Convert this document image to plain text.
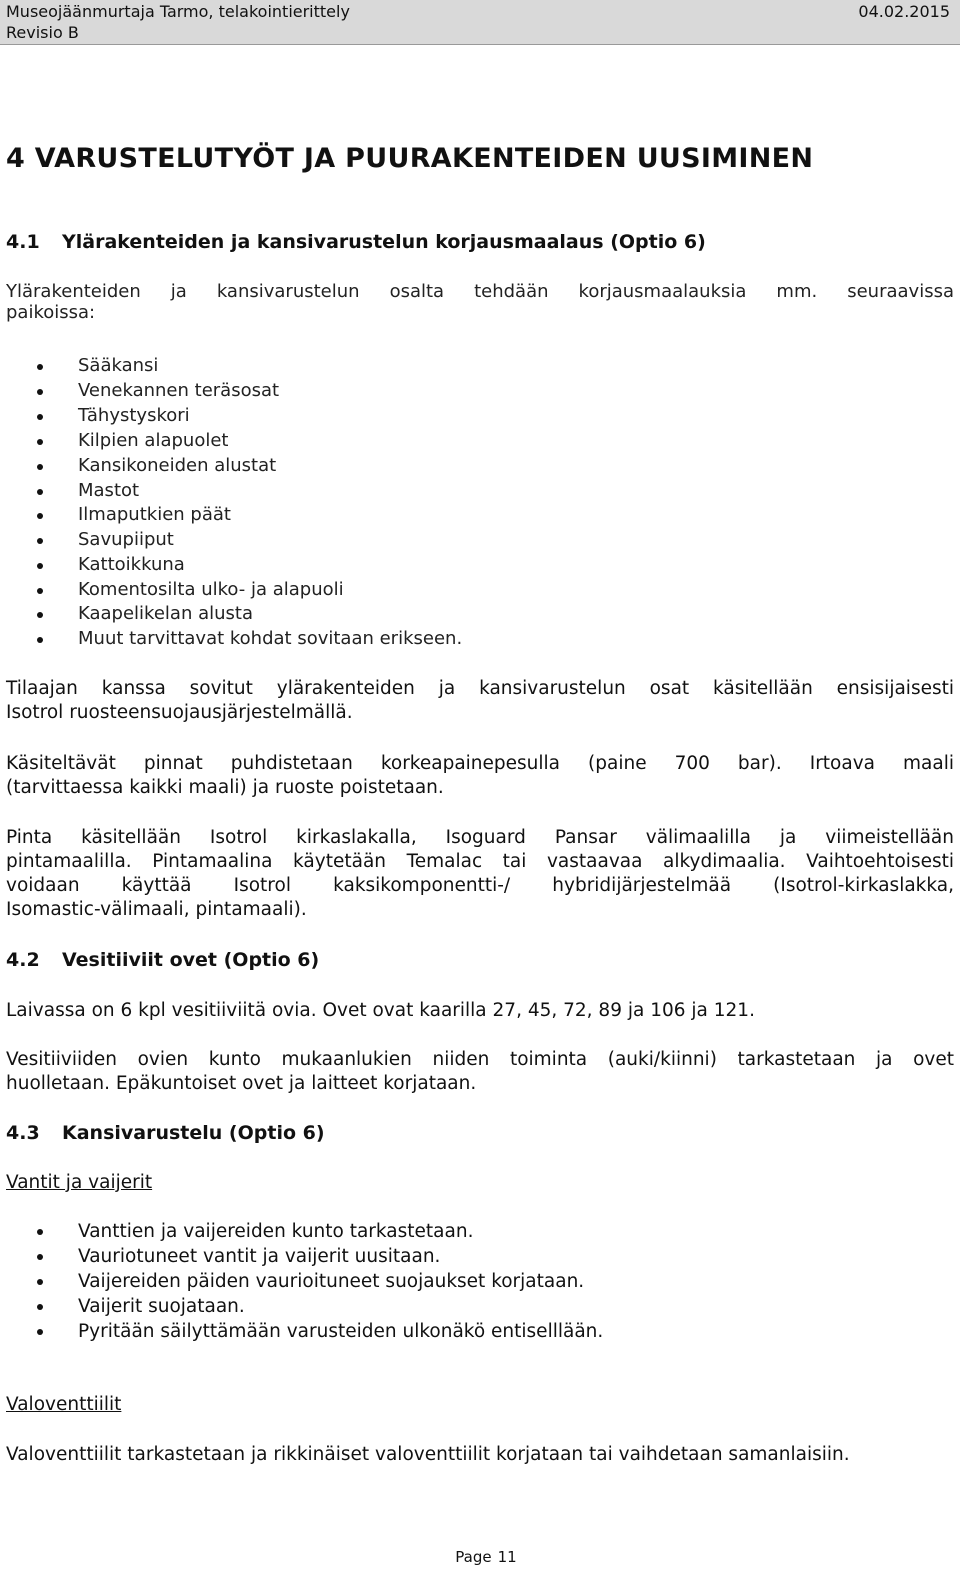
Museojäänmurtaja Tarmo, telakointierittely	04.02.2015
Revisio B
4 VARUSTELUTYÖT JA PUURAKENTEIDEN UUSIMINEN
4.1 Ylärakenteiden ja kansivarustelun korjausmaalaus (Optio 6)
Ylärakenteiden ja kansivarustelun osalta tehdään korjausmaalauksia mm. seuraavissa
paikoissa:
Sääkansi
Venekannen teräsosat
Tähystyskori
Kilpien alapuolet
Kansikoneiden alustat
Mastot
Ilmaputkien päät
Savupiiput
Kattoikkuna
Komentosilta ulko- ja alapuoli
Kaapelikelan alusta
Muut tarvittavat kohdat sovitaan erikseen.
Tilaajan kanssa sovitut ylärakenteiden ja kansivarustelun osat käsitellään ensisijaisesti
Isotrol ruosteensuojausjärjestelmällä.
Käsiteltävät pinnat puhdistetaan korkeapainepesulla (paine 700 bar). Irtoava maali
(tarvittaessa kaikki maali) ja ruoste poistetaan.
Pinta käsitellään Isotrol kirkaslakalla, Isoguard Pansar välimaalilla ja viimeistellään
pintamaalilla. Pintamaalina käytetään Temalac tai vastaavaa alkydimaalia. Vaihtoehtoisesti
voidaan käyttää Isotrol kaksikomponentti-/ hybridijärjestelmää (Isotrol-kirkaslakka,
Isomastic-välimaali, pintamaali).
4.2 Vesitiiviit ovet (Optio 6)
Laivassa on 6 kpl vesitiiviitä ovia. Ovet ovat kaarilla 27, 45, 72, 89 ja 106 ja 121.
Vesitiiviiden ovien kunto mukaanlukien niiden toiminta (auki/kiinni) tarkastetaan ja ovet
huolletaan. Epäkuntoiset ovet ja laitteet korjataan.
4.3 Kansivarustelu (Optio 6)
Vantit ja vaijerit
Vanttien ja vaijereiden kunto tarkastetaan.
Vauriotuneet vantit ja vaijerit uusitaan.
Vaijereiden päiden vaurioituneet suojaukset korjataan.
Vaijerit suojataan.
Pyritään säilyttämään varusteiden ulkonäkö entiselllään.
Valoventtiilit
Valoventtiilit tarkastetaan ja rikkinäiset valoventtiilit korjataan tai vaihdetaan samanlaisiin.
Page 11
